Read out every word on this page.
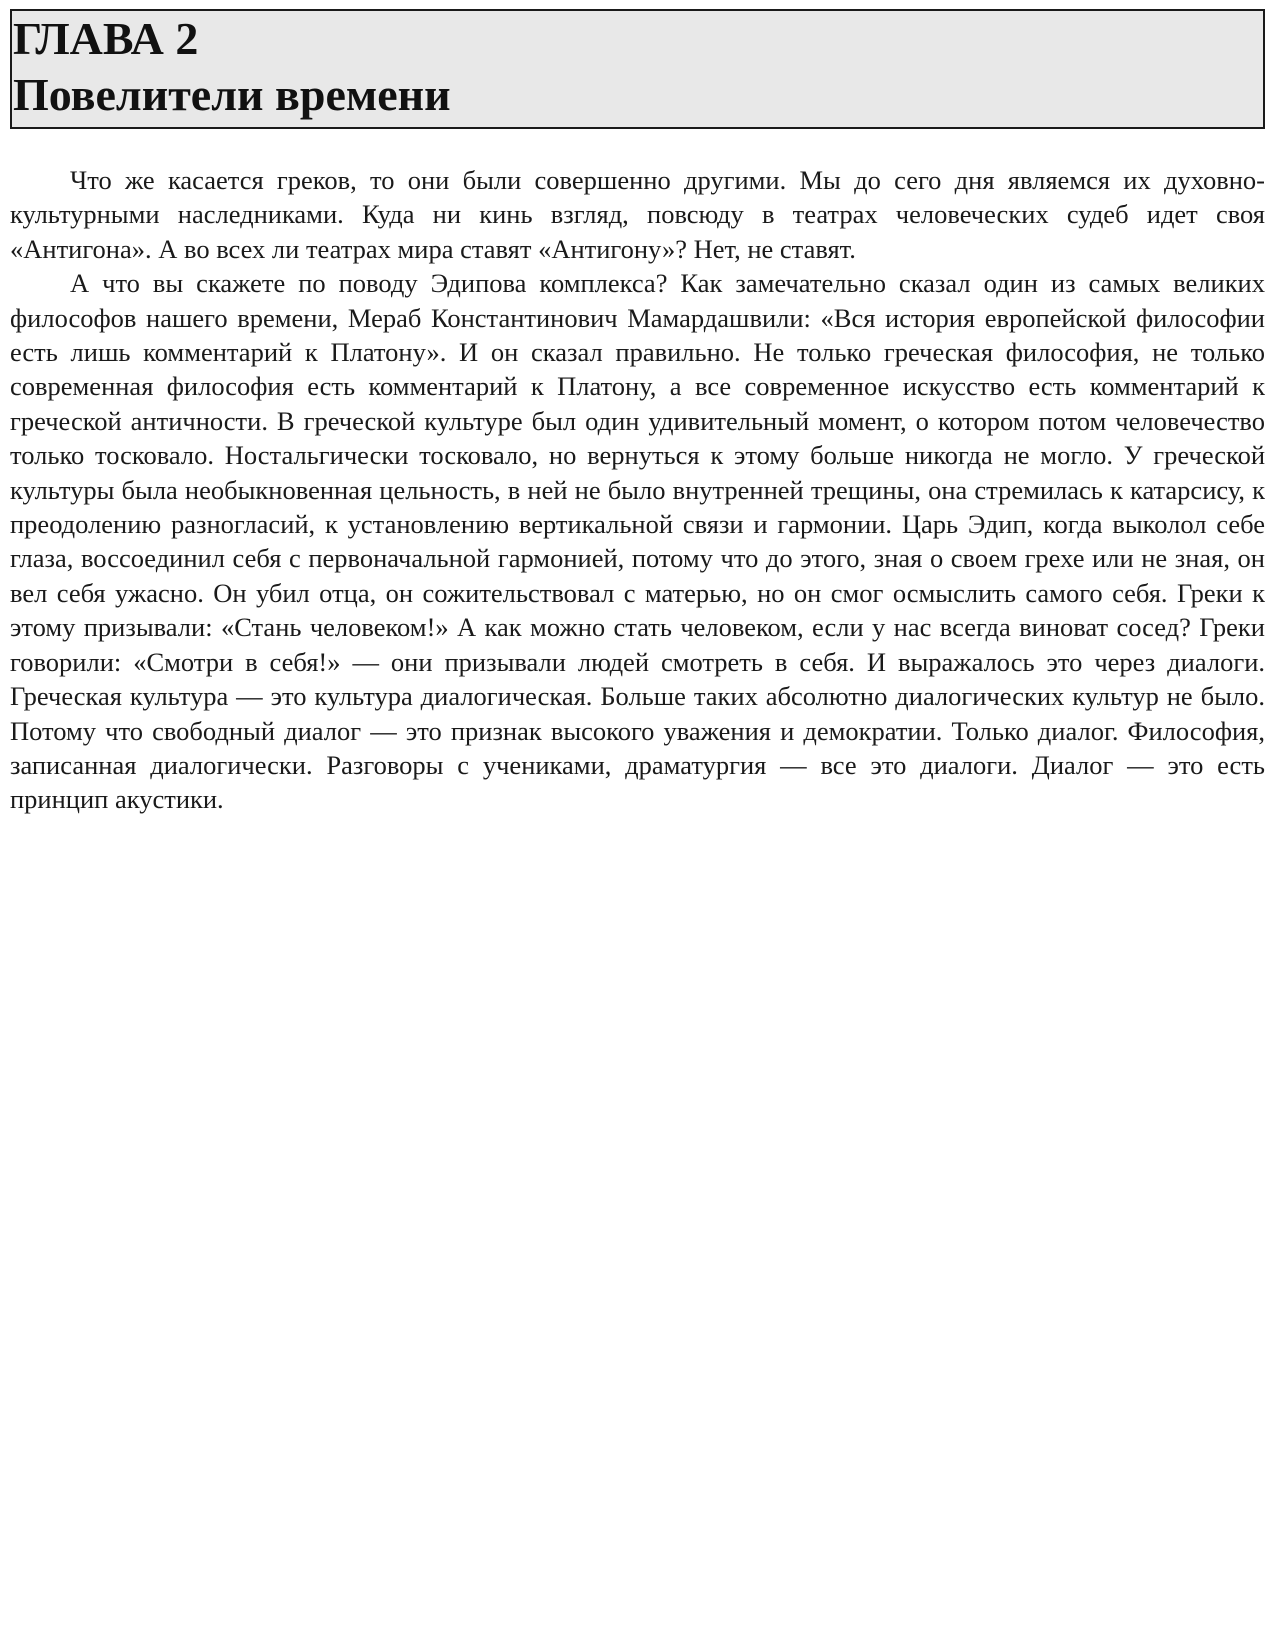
ГЛАВА 2
Повелители времени

Что же касается греков, то они были совершенно другими. Мы до сего дня являемся их духовно-культурными наследниками. Куда ни кинь взгляд, повсюду в театрах человеческих судеб идет своя «Антигона». А во всех ли театрах мира ставят «Антигону»? Нет, не ставят.

А что вы скажете по поводу Эдипова комплекса? Как замечательно сказал один из самых великих философов нашего времени, Мераб Константинович Мамардашвили: «Вся история европейской философии есть лишь комментарий к Платону». И он сказал правильно. Не только греческая философия, не только современная философия есть комментарий к Платону, а все современное искусство есть комментарий к греческой античности. В греческой культуре был один удивительный момент, о котором потом человечество только тосковало. Ностальгически тосковало, но вернуться к этому больше никогда не могло. У греческой культуры была необыкновенная цельность, в ней не было внутренней трещины, она стремилась к катарсису, к преодолению разногласий, к установлению вертикальной связи и гармонии. Царь Эдип, когда выколол себе глаза, воссоединил себя с первоначальной гармонией, потому что до этого, зная о своем грехе или не зная, он вел себя ужасно. Он убил отца, он сожительствовал с матерью, но он смог осмыслить самого себя. Греки к этому призывали: «Стань человеком!» А как можно стать человеком, если у нас всегда виноват сосед? Греки говорили: «Смотри в себя!» — они призывали людей смотреть в себя. И выражалось это через диалоги. Греческая культура — это культура диалогическая. Больше таких абсолютно диалогических культур не было. Потому что свободный диалог — это признак высокого уважения и демократии. Только диалог. Философия, записанная диалогически. Разговоры с учениками, драматургия — все это диалоги. Диалог — это есть принцип акустики.
